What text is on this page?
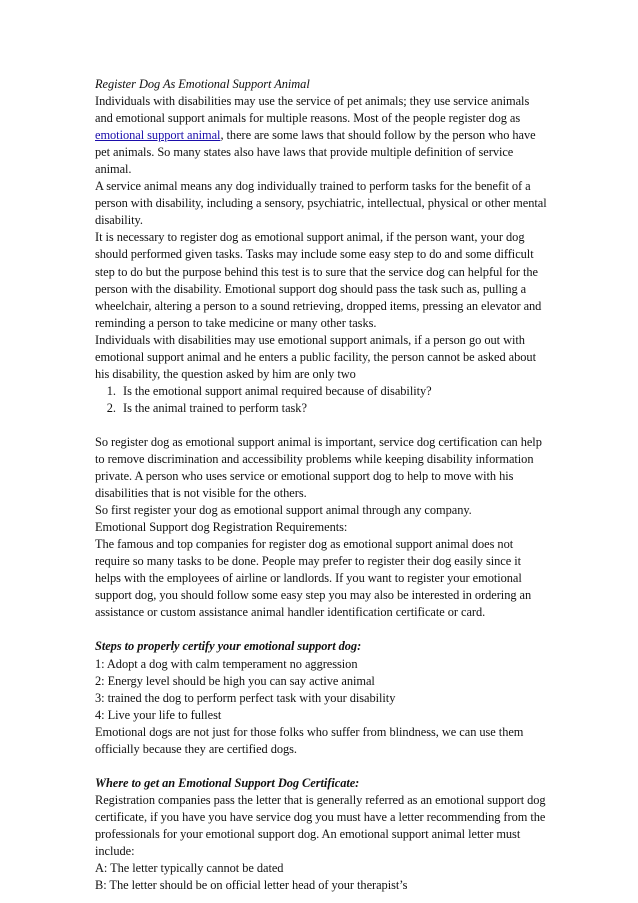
Register Dog As Emotional Support Animal

Individuals with disabilities may use the service of pet animals; they use service animals and emotional support animals for multiple reasons. Most of the people register dog as emotional support animal, there are some laws that should follow by the person who have pet animals. So many states also have laws that provide multiple definition of service animal.

A service animal means any dog individually trained to perform tasks for the benefit of a person with disability, including a sensory, psychiatric, intellectual, physical or other mental disability.

It is necessary to register dog as emotional support animal, if the person want, your dog should performed given tasks. Tasks may include some easy step to do and some difficult step to do but the purpose behind this test is to sure that the service dog can helpful for the person with the disability. Emotional support dog should pass the task such as, pulling a wheelchair, altering a person to a sound retrieving, dropped items, pressing an elevator and reminding a person to take medicine or many other tasks.

Individuals with disabilities may use emotional support animals, if a person go out with emotional support animal and he enters a public facility, the person cannot be asked about his disability, the question asked by him are only two

1. Is the emotional support animal required because of disability?
2. Is the animal trained to perform task?

So register dog as emotional support animal is important, service dog certification can help to remove discrimination and accessibility problems while keeping disability information private. A person who uses service or emotional support dog to help to move with his disabilities that is not visible for the others.

So first register your dog as emotional support animal through any company.

Emotional Support dog Registration Requirements:

The famous and top companies for register dog as emotional support animal does not require so many tasks to be done. People may prefer to register their dog easily since it helps with the employees of airline or landlords. If you want to register your emotional support dog, you should follow some easy step you may also be interested in ordering an assistance or custom assistance animal handler identification certificate or card.

Steps to properly certify your emotional support dog:

1: Adopt a dog with calm temperament no aggression

2: Energy level should be high you can say active animal

3: trained the dog to perform perfect task with your disability

4: Live your life to fullest

Emotional dogs are not just for those folks who suffer from blindness, we can use them officially because they are certified dogs.

Where to get an Emotional Support Dog Certificate:

Registration companies pass the letter that is generally referred as an emotional support dog certificate, if you have you have service dog you must have a letter recommending from the professionals for your emotional support dog. An emotional support animal letter must include:

A: The letter typically cannot be dated

B: The letter should be on official letter head of your therapist’s
